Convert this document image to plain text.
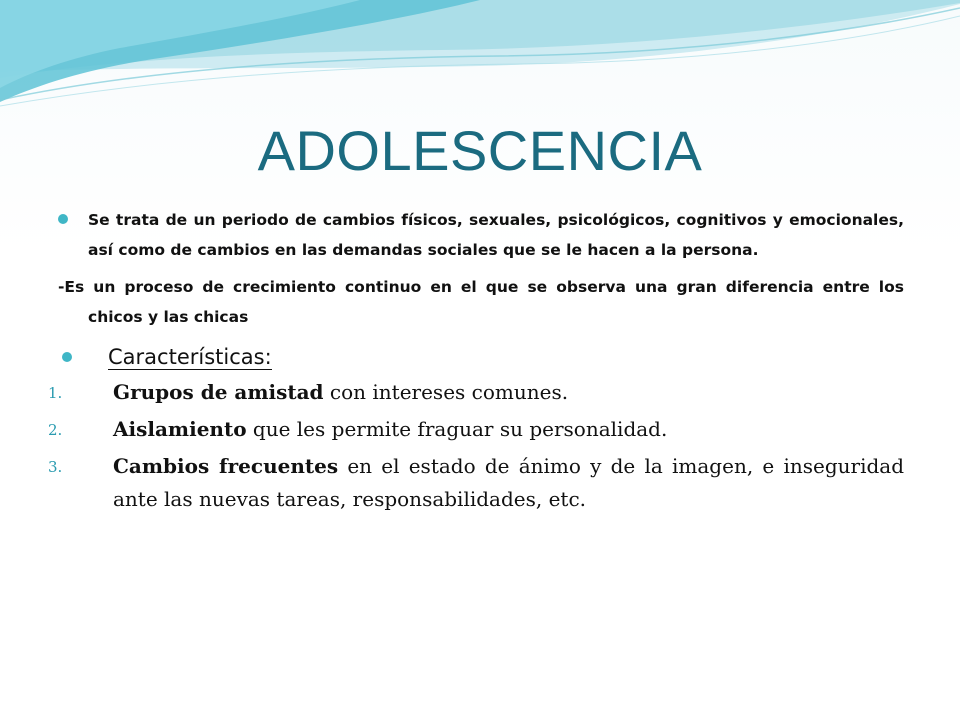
ADOLESCENCIA
Se trata de un periodo de cambios físicos, sexuales, psicológicos, cognitivos y emocionales, así como de cambios en las demandas sociales que se le hacen a la persona.
-Es un proceso de crecimiento continuo en el que se observa una gran diferencia entre los chicos y las chicas
Características:
1.	Grupos de amistad con intereses comunes.
2.	Aislamiento que les permite fraguar su personalidad.
3.	Cambios frecuentes en el estado de ánimo y de la imagen, e inseguridad ante las nuevas tareas, responsabilidades, etc.
